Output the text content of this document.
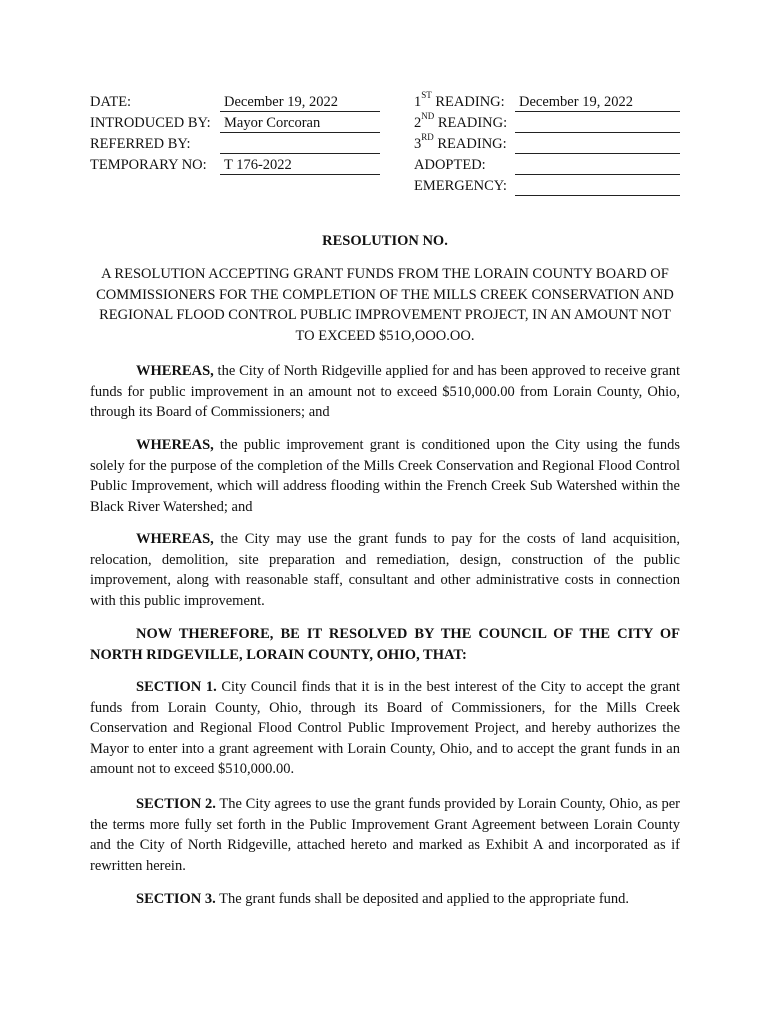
DATE:	December 19, 2022
INTRODUCED BY: Mayor Corcoran
REFERRED BY:
TEMPORARY NO: T 176-2022
1ST READING: December 19, 2022
2ND READING:
3RD READING:
ADOPTED:
EMERGENCY:
RESOLUTION NO.
A RESOLUTION ACCEPTING GRANT FUNDS FROM THE LORAIN COUNTY BOARD OF COMMISSIONERS FOR THE COMPLETION OF THE MILLS CREEK CONSERVATION AND REGIONAL FLOOD CONTROL PUBLIC IMPROVEMENT PROJECT, IN AN AMOUNT NOT TO EXCEED $51O,OOO.OO.
WHEREAS, the City of North Ridgeville applied for and has been approved to receive grant funds for public improvement in an amount not to exceed $510,000.00 from Lorain County, Ohio, through its Board of Commissioners; and
WHEREAS, the public improvement grant is conditioned upon the City using the funds solely for the purpose of the completion of the Mills Creek Conservation and Regional Flood Control Public Improvement, which will address flooding within the French Creek Sub Watershed within the Black River Watershed; and
WHEREAS, the City may use the grant funds to pay for the costs of land acquisition, relocation, demolition, site preparation and remediation, design, construction of the public improvement, along with reasonable staff, consultant and other administrative costs in connection with this public improvement.
NOW THEREFORE, BE IT RESOLVED BY THE COUNCIL OF THE CITY OF NORTH RIDGEVILLE, LORAIN COUNTY, OHIO, THAT:
SECTION 1. City Council finds that it is in the best interest of the City to accept the grant funds from Lorain County, Ohio, through its Board of Commissioners, for the Mills Creek Conservation and Regional Flood Control Public Improvement Project, and hereby authorizes the Mayor to enter into a grant agreement with Lorain County, Ohio, and to accept the grant funds in an amount not to exceed $510,000.00.
SECTION 2. The City agrees to use the grant funds provided by Lorain County, Ohio, as per the terms more fully set forth in the Public Improvement Grant Agreement between Lorain County and the City of North Ridgeville, attached hereto and marked as Exhibit A and incorporated as if rewritten herein.
SECTION 3. The grant funds shall be deposited and applied to the appropriate fund.
